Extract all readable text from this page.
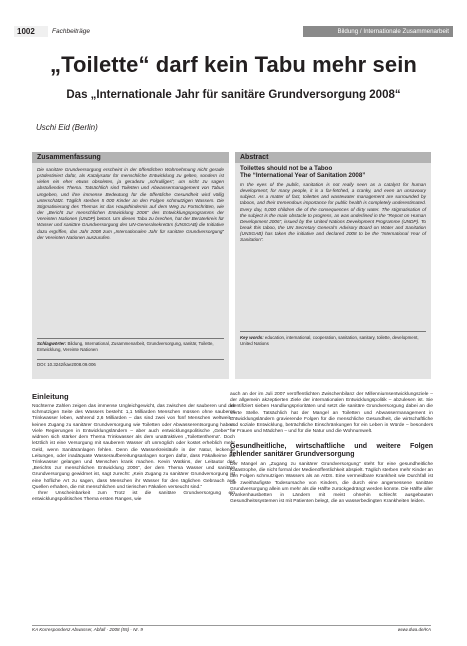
1002	Fachbeiträge	Bildung / Internationale Zusammenarbeit
„Toilette“ darf kein Tabu mehr sein
Das „Internationale Jahr für sanitäre Grundversorgung 2008“
Uschi Eid (Berlin)
Zusammenfassung
Die sanitäre Grundversorgung erscheint in der öffentlichen Wahrnehmung nicht gerade prädestiniert dafür, als Katalysator für menschliche Entwicklung zu gelten, sondern ist vielen ein eher etwas obsoletes, ja geradezu „schrulliges“, um nicht zu sagen abstoßendes Thema. Tatsächlich sind Toiletten und Abwassermanagement von Tabus umgeben, und ihre immense Bedeutung für die öffentliche Gesundheit wird völlig unterschätzt. Täglich sterben 5 000 Kinder an den Folgen schmutzigen Wassers. Die Stigmatisierung des Themas ist das Haupthindernis auf dem Weg zu Fortschritten, wie der „Bericht zur menschlichen Entwicklung 2006“ des Entwicklungsprogramms der Vereinten Nationen (UNDP) betont. Um dieses Tabu zu brechen, hat der Beraterkreis für Wasser und sanitäre Grundversorgung des UN-Generalsekretärs (UNSGAB) die Initiative dazu ergriffen, das Jahr 2008 zum „Internationalen Jahr für sanitäre Grundversorgung“ der Vereinten Nationen auszurufen.
Schlagwörter: Bildung, International, Zusammenarbeit, Grundversorgung, sanitär, Toilette, Entwicklung, Vereinte Nationen
DOI: 10.3242/kae2008.09.006
Abstract
Toilettes should not be a Taboo
The “International Year of Sanitation 2008”
In the eyes of the public, sanitation is not really seen as a catalyst for human development; for many people, it is a far-fetched, a cranky, and even an unsavoury subject. As a matter of fact, toilettes and wastewater management are surrounded by taboos, and their tremendous importance for public health is completely underestimated. Every day, 5,000 children die of the consequences of dirty water. The stigmatisation of the subject is the main obstacle to progress, as was underlined in the “Report on Human Development 2006”, issued by the United Nations Development Programme (UNDP). To break this taboo, the UN Secretary General’s Advisory Board on Water and Sanitation (UNSGAB) has taken the initiative and declared 2008 to be the “International Year of Sanitation”.
Key words: education, international, cooperation, sanitation, sanitary, toilette, development, United Nations
Einleitung

Nüchterne Zahlen zeigen das immense Ungleichgewicht, das zwischen der sauberen und der schmutzigen Seite des Wassers besteht: 1,1 Milliarden Menschen müssen ohne sauberes Trinkwasser leben, während 2,6 Milliarden – das sind zwei von fünf Menschen weltweit – keinen Zugang zu sanitärer Grundversorgung wie Toiletten oder Abwasserentsorgung haben. Viele Regierungen in Entwicklungsländern – aber auch entwicklungspolitische „Geber“ – widmen sich stärker dem Thema Trinkwasser als dem unattraktiven „Toilettenthema“. Doch letztlich ist eine Versorgung mit sauberem Wasser oft unmöglich oder kostet erheblich mehr Geld, wenn Sanitäranlagen fehlen. Denn die Wasserkreisläufe in der Natur, leckende Leitungen, oder inadäquate Wasseraufbereitungsanlagen sorgen dafür, dass Fäkalkeime ins Trinkwasser gelangen und Menschen krank machen. Kevin Watkins, der Leitautor des „Berichts zur menschlichen Entwicklung 2006“, der dem Thema Wasser und sanitäre Grundversorgung gewidmet ist, sagt zurecht: „Kein Zugang zu sanitärer Grundversorgung ist eine höfliche Art zu sagen, dass Menschen ihr Wasser für den täglichen Gebrauch aus Quellen erhalten, die mit menschlichen und tierischen Fäkalien verseucht sind.“

Ihrer Unscheinbarkeit zum Trotz ist die sanitäre Grundversorgung ein entwicklungspolitisches Thema ersten Ranges, wie

auch an der im Juli 2007 veröffentlichten Zwischenbilanz der Millenniumsentwicklungsziele – der allgemein akzeptierten Ziele der internationalen Entwicklungspolitik – abzulesen ist. Sie identifiziert sieben Handlungsprioritäten und setzt die sanitäre Grundversorgung dabei an die vierte Stelle. Tatsächlich hat der Mangel an Toiletten und Abwassermanagement in Entwicklungsländern gravierende Folgen für die menschliche Gesundheit, die wirtschaftliche und soziale Entwicklung, beträchtliche Einschränkungen für ein Leben in Würde – besonders für Frauen und Mädchen – und für die Natur und die Wohnumwelt.

Gesundheitliche, wirtschaftliche und weitere Folgen fehlender sanitärer Grundversorgung

Der Mangel an „Zugang zu sanitärer Grundversorgung“ steht für eine gesundheitliche Katastrophe, die nicht formal der Medienöffentlichkeit abspielt. Täglich sterben mehr Kinder an den Folgen schmutzigen Wassers als an AIDS. Eine vermeidbare Krankheit wie Durchfall ist die zweithäufigste Todesursache von Kindern, die durch eine angemessene sanitäre Grundversorgung allein um mehr als die Hälfte zurückgedrängt werden könnte. Die Hälfte aller Krankenhausbetten in Ländern mit meist ohnehin schlecht ausgebauten Gesundheitssystemen ist mit Patienten belegt, die an wasserbedingten Krankheiten leiden.

KA Korrespondenz Abwasser, Abfall · 2008 (55) · Nr. 9	www.dwa.de/KA
